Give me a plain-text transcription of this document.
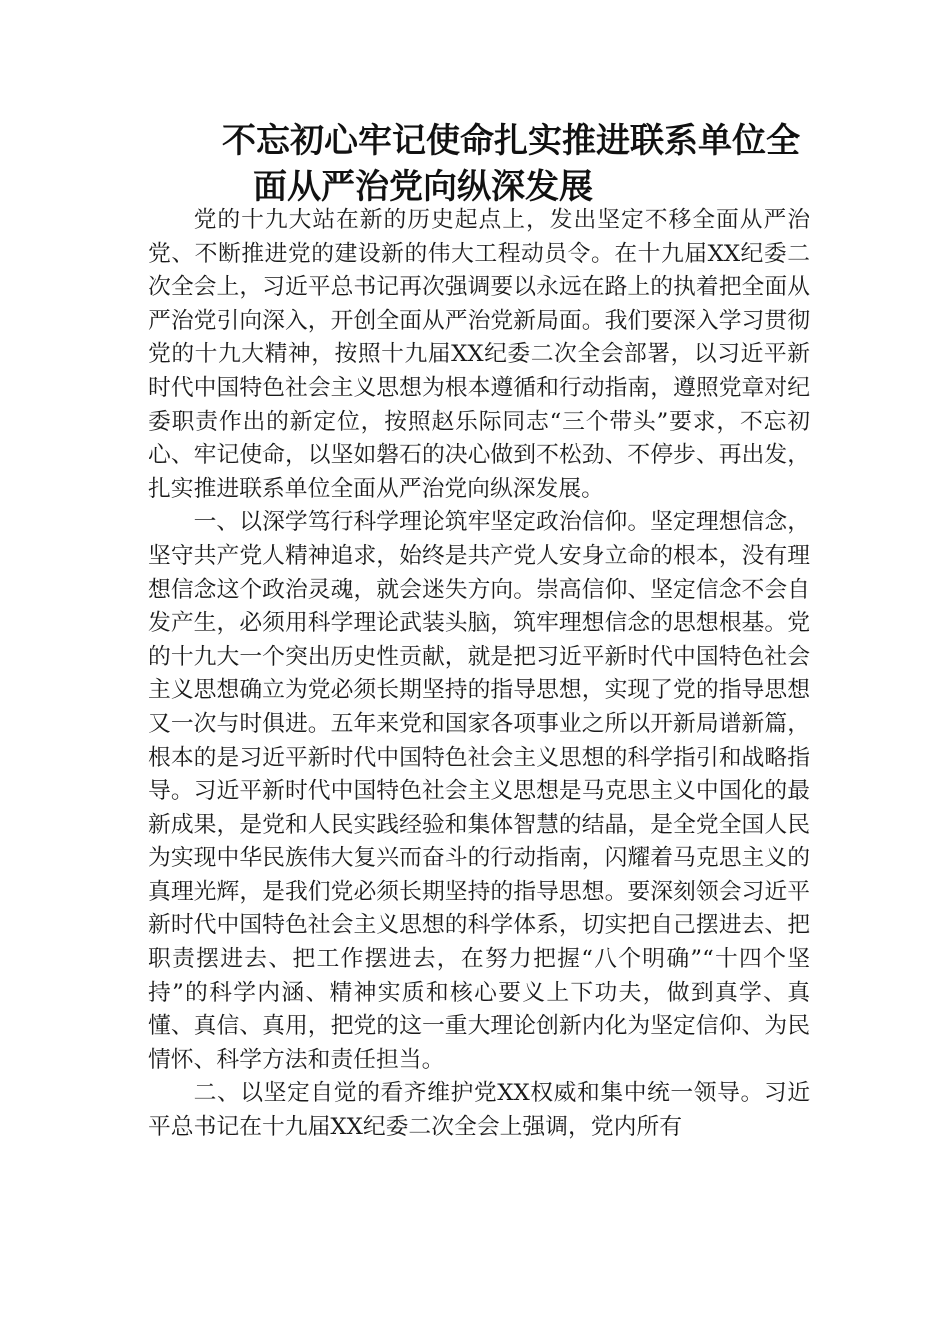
不忘初心牢记使命扎实推进联系单位全
面从严治党向纵深发展

党的十九大站在新的历史起点上，发出坚定不移全面从严治党、不断推进党的建设新的伟大工程动员令。在十九届XX纪委二次全会上，习近平总书记再次强调要以永远在路上的执着把全面从严治党引向深入，开创全面从严治党新局面。我们要深入学习贯彻党的十九大精神，按照十九届XX纪委二次全会部署，以习近平新时代中国特色社会主义思想为根本遵循和行动指南，遵照党章对纪委职责作出的新定位，按照赵乐际同志“三个带头”要求，不忘初心、牢记使命，以坚如磐石的决心做到不松劲、不停步、再出发，扎实推进联系单位全面从严治党向纵深发展。

一、以深学笃行科学理论筑牢坚定政治信仰。坚定理想信念，坚守共产党人精神追求，始终是共产党人安身立命的根本，没有理想信念这个政治灵魂，就会迷失方向。崇高信仰、坚定信念不会自发产生，必须用科学理论武装头脑，筑牢理想信念的思想根基。党的十九大一个突出历史性贡献，就是把习近平新时代中国特色社会主义思想确立为党必须长期坚持的指导思想，实现了党的指导思想又一次与时俱进。五年来党和国家各项事业之所以开新局谱新篇，根本的是习近平新时代中国特色社会主义思想的科学指引和战略指导。习近平新时代中国特色社会主义思想是马克思主义中国化的最新成果，是党和人民实践经验和集体智慧的结晶，是全党全国人民为实现中华民族伟大复兴而奋斗的行动指南，闪耀着马克思主义的真理光辉，是我们党必须长期坚持的指导思想。要深刻领会习近平新时代中国特色社会主义思想的科学体系，切实把自己摆进去、把职责摆进去、把工作摆进去，在努力把握“八个明确”“十四个坚持”的科学内涵、精神实质和核心要义上下功夫，做到真学、真懂、真信、真用，把党的这一重大理论创新内化为坚定信仰、为民情怀、科学方法和责任担当。

二、以坚定自觉的看齐维护党XX权威和集中统一领导。习近平总书记在十九届XX纪委二次全会上强调，党内所有
